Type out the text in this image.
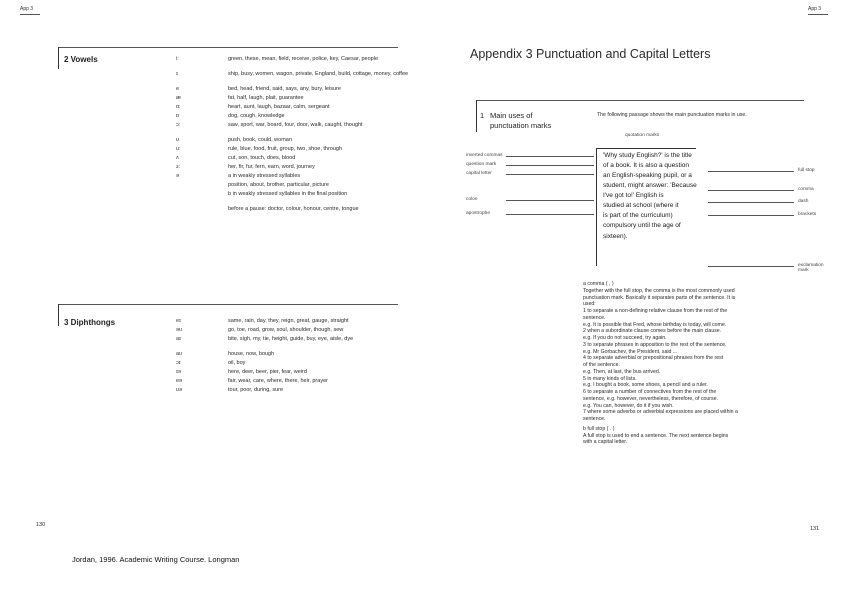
App 3	App 3
2 Vowels	i:	green, these, mean, field, receive, police, key, Caesar, people
ɪ	ship, busy, women, wagon, private, England, build, cottage, money, coffee
e	bed, head, friend, said, says, any, bury, leisure
æ	fat, half, laugh, plait, guarantee
ɑ:	heart, aunt, laugh, bazaar, calm, sergeant
ɒ	dog, cough, knowledge
ɔ:	saw, sport, war, board, four, door, walk, caught, thought
ʊ	push, book, could, woman
u:	rule, blue, food, fruit, group, two, shoe, through
ʌ	cut, son, touch, does, blood
ɜ:	her, fir, fur, fern, earn, word, journey
ə	a in weakly stressed syllables
position, about, brother, particular, picture
b in weakly stressed syllables in the final position
before a pause: doctor, colour, honour, centre, tongue
3 Diphthongs	eɪ	same, rain, day, they, reign, great, gauge, straight
əʊ	go, toe, road, grow, soul, shoulder, though, sew
aɪ	bite, sigh, my, tie, height, guide, buy, eye, aisle, dye
aʊ	house, now, bough
ɔɪ	oil, boy
ɪə	here, deer, beer, pier, fear, weird
eə	fair, wear, care, where, there, heir, prayer
ʊə	tour, poor, during, sure
130
Jordan, 1996. Academic Writing Course. Longman
Appendix 3 Punctuation and Capital Letters
1 Main uses of punctuation marks
The following passage shows the main punctuation marks in use.
quotation marks
'Why study English?' is the title
of a book. It is also a question
an English-speaking pupil, or a
student, might answer: 'Because
I've got to!' English is
studied at school (where it
is part of the curriculum)
compulsory until the age of
sixteen).
inverted commas
question mark
capital letter
colon
apostrophe
full stop
comma
dash
brackets
exclamation mark
a comma ( , )
Together with the full stop, the comma is the most commonly used
punctuation mark. Basically it separates parts of the sentence. It is
used:
1 to separate a non-defining relative clause from the rest of the
sentence.
e.g. It is possible that Fred, whose birthday is today, will come.
2 when a subordinate clause comes before the main clause.
e.g. If you do not succeed, try again.
3 to separate phrases in apposition to the rest of the sentence.
e.g. Mr Gorbachev, the President, said ...
4 to separate adverbial or prepositional phrases from the rest
of the sentence.
e.g. Then, at last, the bus arrived.
5 in many kinds of lists.
e.g. I bought a book, some shoes, a pencil and a ruler.
6 to separate a number of connectives from the rest of the
sentence, e.g. however, nevertheless, therefore, of course.
e.g. You can, however, do it if you wish.
7 where some adverbs or adverbial expressions are placed within a
sentence.
b full stop ( . )
A full stop is used to end a sentence. The next sentence begins
with a capital letter.
131
